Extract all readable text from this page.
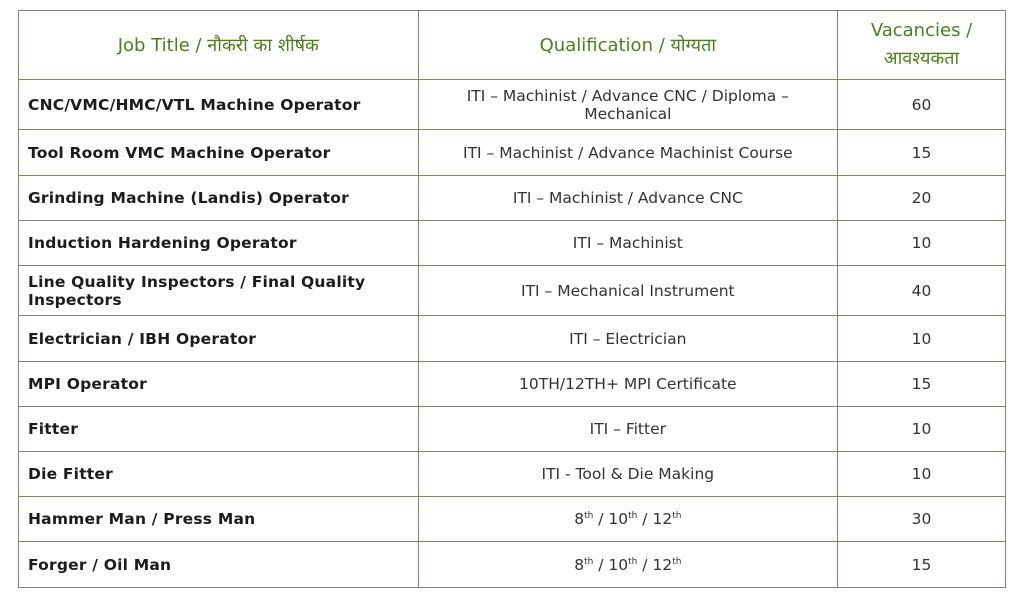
Job Title / नौकरी का शीर्षक	Qualification / योग्यता	Vacancies / आवश्यकता
CNC/VMC/HMC/VTL Machine Operator	ITI – Machinist / Advance CNC / Diploma – Mechanical	60
Tool Room VMC Machine Operator	ITI – Machinist / Advance Machinist Course	15
Grinding Machine (Landis) Operator	ITI – Machinist / Advance CNC	20
Induction Hardening Operator	ITI – Machinist	10
Line Quality Inspectors / Final Quality Inspectors	ITI – Mechanical Instrument	40
Electrician / IBH Operator	ITI – Electrician	10
MPI Operator	10TH/12TH+ MPI Certificate	15
Fitter	ITI – Fitter	10
Die Fitter	ITI - Tool & Die Making	10
Hammer Man / Press Man	8th / 10th / 12th	30
Forger / Oil Man	8th / 10th / 12th	15
